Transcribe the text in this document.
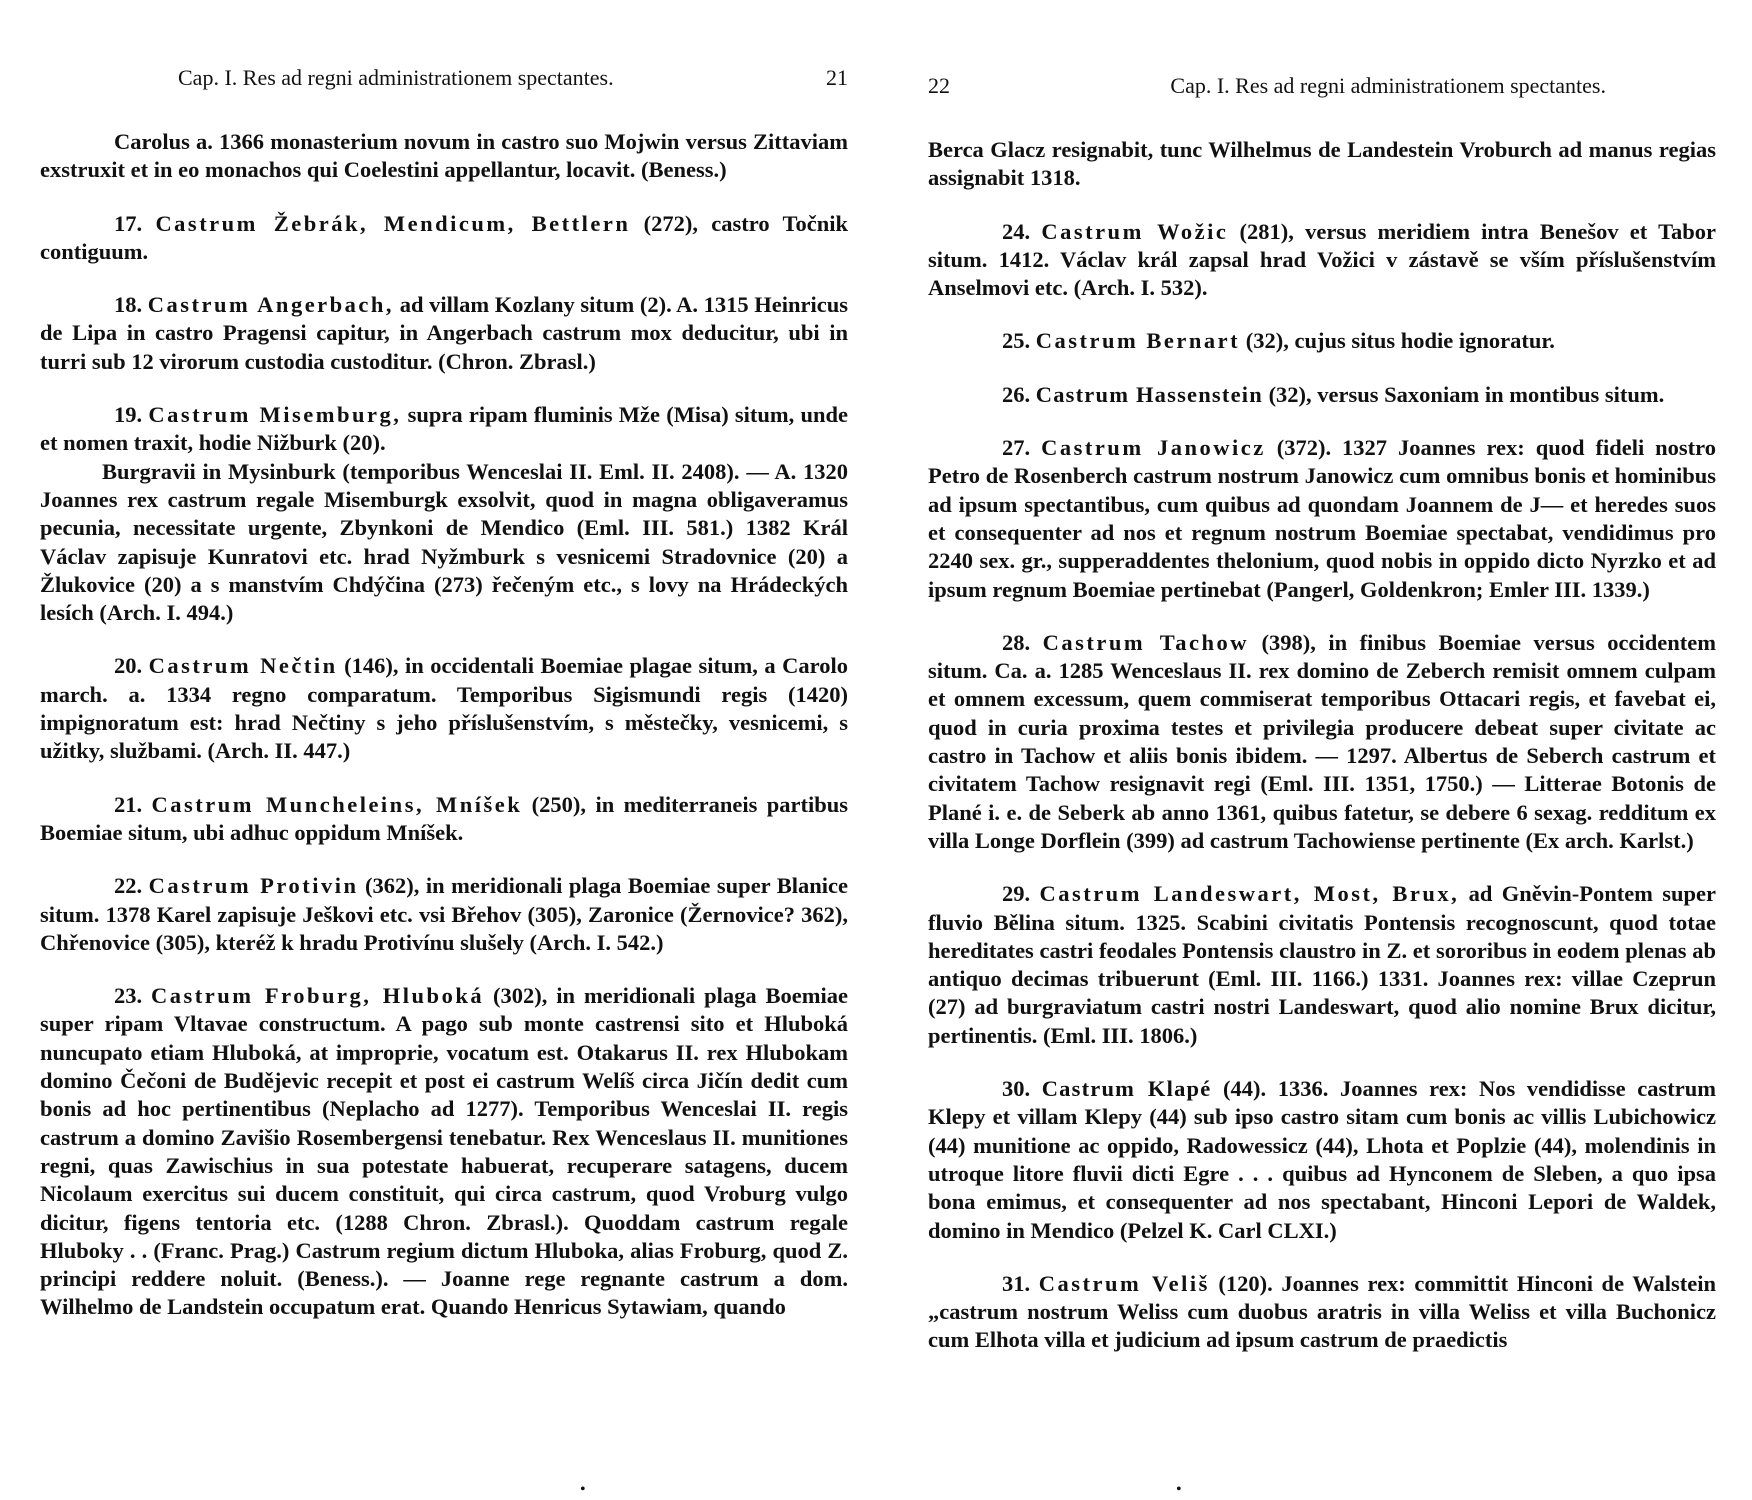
Cap. I. Res ad regni administrationem spectantes.	21

Carolus a. 1366 monasterium novum in castro suo Mojwin versus Zittaviam exstruxit et in eo monachos qui Coelestini appellantur, locavit. (Beness.)

17. Castrum Žebrák, Mendicum, Bettlern (272), castro Točnik contiguum.

18. Castrum Angerbach, ad villam Kozlany situm (2). A. 1315 Heinricus de Lipa in castro Pragensi capitur, in Angerbach castrum mox deducitur, ubi in turri sub 12 virorum custodia custoditur. (Chron. Zbrasl.)

19. Castrum Misemburg, supra ripam fluminis Mže (Misa) situm, unde et nomen traxit, hodie Nižburk (20).

Burgravii in Mysinburk (temporibus Wenceslai II. Eml. II. 2408). — A. 1320 Joannes rex castrum regale Misemburgk exsolvit, quod in magna obligaveramus pecunia, necessitate urgente, Zbynkoni de Mendico (Eml. III. 581.) 1382 Král Václav zapisuje Kunratovi etc. hrad Nyžmburk s vesnicemi Stradovnice (20) a Žlukovice (20) a s manstvím Chdýčina (273) řečeným etc., s lovy na Hrádeckých lesích (Arch. I. 494.)

20. Castrum Nečtin (146), in occidentali Boemiae plagae situm, a Carolo march. a. 1334 regno comparatum. Temporibus Sigismundi regis (1420) impignoratum est: hrad Nečtiny s jeho příslušenstvím, s městečky, vesnicemi, s užitky, službami. (Arch. II. 447.)

21. Castrum Muncheleins, Mníšek (250), in mediterraneis partibus Boemiae situm, ubi adhuc oppidum Mníšek.

22. Castrum Protivin (362), in meridionali plaga Boemiae super Blanice situm. 1378 Karel zapisuje Ješkovi etc. vsi Břehov (305), Zaronice (Žernovice? 362), Chřenovice (305), kteréž k hradu Protivínu slušely (Arch. I. 542.)

23. Castrum Froburg, Hluboká (302), in meridionali plaga Boemiae super ripam Vltavae constructum. A pago sub monte castrensi sito et Hluboká nuncupato etiam Hluboká, at improprie, vocatum est. Otakarus II. rex Hlubokam domino Čečoni de Budějevic recepit et post ei castrum Welíš circa Jičín dedit cum bonis ad hoc pertinentibus (Neplacho ad 1277). Temporibus Wenceslai II. regis castrum a domino Zavišio Rosembergensi tenebatur. Rex Wenceslaus II. munitiones regni, quas Zawischius in sua potestate habuerat, recuperare satagens, ducem Nicolaum exercitus sui ducem constituit, qui circa castrum, quod Vroburg vulgo dicitur, figens tentoria etc. (1288 Chron. Zbrasl.). Quoddam castrum regale Hluboky . . (Franc. Prag.) Castrum regium dictum Hluboka, alias Froburg, quod Z. principi reddere noluit. (Beness.). — Joanne rege regnante castrum a dom. Wilhelmo de Landstein occupatum erat. Quando Henricus Sytawiam, quando

•
22	Cap. I. Res ad regni administrationem spectantes.

Berca Glacz resignabit, tunc Wilhelmus de Landestein Vroburch ad manus regias assignabit 1318.

24. Castrum Wožic (281), versus meridiem intra Benešov et Tabor situm. 1412. Václav král zapsal hrad Vožici v zástavě se vším příslušenstvím Anselmovi etc. (Arch. I. 532).

25. Castrum Bernart (32), cujus situs hodie ignoratur.

26. Castrum Hassenstein (32), versus Saxoniam in montibus situm.

27. Castrum Janowicz (372). 1327 Joannes rex: quod fideli nostro Petro de Rosenberch castrum nostrum Janowicz cum omnibus bonis et hominibus ad ipsum spectantibus, cum quibus ad quondam Joannem de J— et heredes suos et consequenter ad nos et regnum nostrum Boemiae spectabat, vendidimus pro 2240 sex. gr., supperaddentes thelonium, quod nobis in oppido dicto Nyrzko et ad ipsum regnum Boemiae pertinebat (Pangerl, Goldenkron; Emler III. 1339.)

28. Castrum Tachow (398), in finibus Boemiae versus occidentem situm. Ca. a. 1285 Wenceslaus II. rex domino de Zeberch remisit omnem culpam et omnem excessum, quem commiserat temporibus Ottacari regis, et favebat ei, quod in curia proxima testes et privilegia producere debeat super civitate ac castro in Tachow et aliis bonis ibidem. — 1297. Albertus de Seberch castrum et civitatem Tachow resignavit regi (Eml. III. 1351, 1750.) — Litterae Botonis de Plané i. e. de Seberk ab anno 1361, quibus fatetur, se debere 6 sexag. redditum ex villa Longe Dorflein (399) ad castrum Tachowiense pertinente (Ex arch. Karlst.)

29. Castrum Landeswart, Most, Brux, ad Gněvin-Pontem super fluvio Bělina situm. 1325. Scabini civitatis Pontensis recognoscunt, quod totae hereditates castri feodales Pontensis claustro in Z. et sororibus in eodem plenas ab antiquo decimas tribuerunt (Eml. III. 1166.) 1331. Joannes rex: villae Czeprun (27) ad burgraviatum castri nostri Landeswart, quod alio nomine Brux dicitur, pertinentis. (Eml. III. 1806.)

30. Castrum Klapé (44). 1336. Joannes rex: Nos vendidisse castrum Klepy et villam Klepy (44) sub ipso castro sitam cum bonis ac villis Lubichowicz (44) munitione ac oppido, Radowessicz (44), Lhota et Poplzie (44), molendinis in utroque litore fluvii dicti Egre . . . quibus ad Hynconem de Sleben, a quo ipsa bona emimus, et consequenter ad nos spectabant, Hinconi Lepori de Waldek, domino in Mendico (Pelzel K. Carl CLXI.)

31. Castrum Veliš (120). Joannes rex: committit Hinconi de Walstein „castrum nostrum Weliss cum duobus aratris in villa Weliss et villa Buchonicz cum Elhota villa et judicium ad ipsum castrum de praedictis

•
